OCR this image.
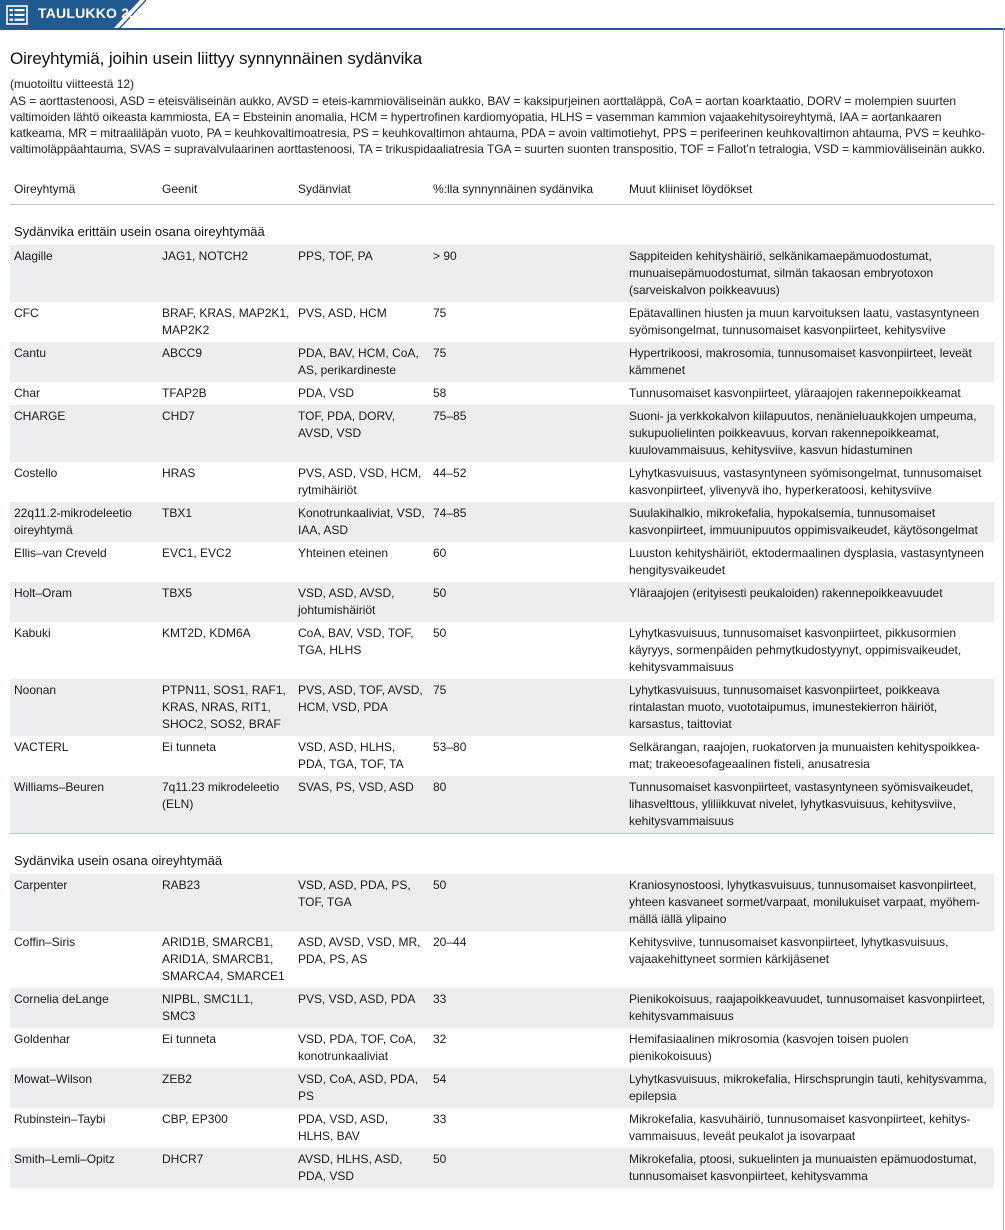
TAULUKKO 2.
Oireyhtymiä, joihin usein liittyy synnynnäinen sydänvika
(muotoiltu viitteestä 12)
AS = aorttastenoosi, ASD = eteisväliseinän aukko, AVSD = eteis-kammioväliseinän aukko, BAV = kaksipurjeinen aorttaläppä, CoA = aortan koarktaatio, DORV = molempien suurten valtimoiden lähtö oikeasta kammiosta, EA = Ebsteinin anomalia, HCM = hypertrofinen kardiomyopatia, HLHS = vasemman kammion vajaakehitysoireyhtymä, IAA = aortankaaren katkeama, MR = mitraaliläpän vuoto, PA = keuhkovaltimoatresia, PS = keuhkovaltimon ahtauma, PDA = avoin valtimotiehyt, PPS = perifeerinen keuhkovaltimon ahtauma, PVS = keuhkovaltimoläppäahtauma, SVAS = supravalvulaarinen aorttastenoosi, TA = trikuspidaaliatresia TGA = suurten suonten transpositio, TOF = Fallot’n tetralogia, VSD = kammioväliseinän aukko.
Oireyhtymä	Geenit	Sydänviat	%:lla synnynnäinen sydänvika	Muut kliiniset löydökset
Sydänvika erittäin usein osana oireyhtymää				
Alagille	JAG1, NOTCH2	PPS, TOF, PA	> 90	Sappiteiden kehityshäiriö, selkänikamaepämuodostumat, munuaisepämuodostumat, silmän takaosan embryotoxon (sarveiskalvon poikkeavuus)
CFC	BRAF, KRAS, MAP2K1, MAP2K2	PVS, ASD, HCM	75	Epätavallinen hiusten ja muun karvoituksen laatu, vastasyntyneen syömisongelmat, tunnusomaiset kasvonpiirteet, kehitysviive
Cantu	ABCC9	PDA, BAV, HCM, CoA, AS, perikardineste	75	Hypertrikoosi, makrosomia, tunnusomaiset kasvonpiirteet, leveät kämmenet
Char	TFAP2B	PDA, VSD	58	Tunnusomaiset kasvonpiirteet, yläraajojen rakennepoikkeamat
CHARGE	CHD7	TOF, PDA, DORV, AVSD, VSD	75–85	Suoni- ja verkkokalvon kiilapuutos, nenänieluaukkojen umpeuma, sukupuolielinten poikkeavuus, korvan rakennepoikkeamat, kuulovammaisuus, kehitysviive, kasvun hidastuminen
Costello	HRAS	PVS, ASD, VSD, HCM, rytmihäiriöt	44–52	Lyhytkasvuisuus, vastasyntyneen syömisongelmat, tunnusomaiset kasvonpiirteet, ylivenyvä iho, hyperkeratoosi, kehitysviive
22q11.2-mikrodeleetio oireyhtymä	TBX1	Konotrunkaaliviat, VSD, IAA, ASD	74–85	Suulakihalkio, mikrokefalia, hypokalsemia, tunnusomaiset kasvonpiirteet, immuunipuutos oppimisvaikeudet, käytösongelmat
Ellis–van Creveld	EVC1, EVC2	Yhteinen eteinen	60	Luuston kehityshäiriöt, ektodermaalinen dysplasia, vastasyntyneen hengitysvaikeudet
Holt–Oram	TBX5	VSD, ASD, AVSD, johtumishäiriöt	50	Yläraajojen (erityisesti peukaloiden) rakennepoikkeavuudet
Kabuki	KMT2D, KDM6A	CoA, BAV, VSD, TOF, TGA, HLHS	50	Lyhytkasvuisuus, tunnusomaiset kasvonpiirteet, pikkusormien käyryys, sormenpäiden pehmytkudostyynyt, oppimisvaikeudet, kehitysvammaisuus
Noonan	PTPN11, SOS1, RAF1, KRAS, NRAS, RIT1, SHOC2, SOS2, BRAF	PVS, ASD, TOF, AVSD, HCM, VSD, PDA	75	Lyhytkasvuisuus, tunnusomaiset kasvonpiirteet, poikkeava rintalastan muoto, vuototaipumus, imunestekierron häiriöt, karsastus, taittoviat
VACTERL	Ei tunneta	VSD, ASD, HLHS, PDA, TGA, TOF, TA	53–80	Selkärangan, raajojen, ruokatorven ja munuaisten kehityspoikkeamat; trakeoesofageaalinen fisteli, anusatresia
Williams–Beuren	7q11.23 mikrodeleetio (ELN)	SVAS, PS, VSD, ASD	80	Tunnusomaiset kasvonpiirteet, vastasyntyneen syömisvaikeudet, lihasvelttous, yliliikkuvat nivelet, lyhytkasvuisuus, kehitysviive, kehitysvammaisuus
Sydänvika usein osana oireyhtymää				
Carpenter	RAB23	VSD, ASD, PDA, PS, TOF, TGA	50	Kraniosynostoosi, lyhytkasvuisuus, tunnusomaiset kasvonpiirteet, yhteen kasvaneet sormet/varpaat, monilukuiset varpaat, myöhemmällä iällä ylipaino
Coffin–Siris	ARID1B, SMARCB1, ARID1A, SMARCB1, SMARCA4, SMARCE1	ASD, AVSD, VSD, MR, PDA, PS, AS	20–44	Kehitysviive, tunnusomaiset kasvonpiirteet, lyhytkasvuisuus, vajaakehittyneet sormien kärkijäsenet
Cornelia deLange	NIPBL, SMC1L1, SMC3	PVS, VSD, ASD, PDA	33	Pienikokoisuus, raajapoikkeavuudet, tunnusomaiset kasvonpiirteet, kehitysvammaisuus
Goldenhar	Ei tunneta	VSD, PDA, TOF, CoA, konotrunkaaliviat	32	Hemifasiaalinen mikrosomia (kasvojen toisen puolen pienikokoisuus)
Mowat–Wilson	ZEB2	VSD, CoA, ASD, PDA, PS	54	Lyhytkasvuisuus, mikrokefalia, Hirschsprungin tauti, kehitysvamma, epilepsia
Rubinstein–Taybi	CBP, EP300	PDA, VSD, ASD, HLHS, BAV	33	Mikrokefalia, kasvuhäiriö, tunnusomaiset kasvonpiirteet, kehitysvammaisuus, leveät peukalot ja isovarpaat
Smith–Lemli–Opitz	DHCR7	AVSD, HLHS, ASD, PDA, VSD	50	Mikrokefalia, ptoosi, sukuelinten ja munuaisten epämuodostumat, tunnusomaiset kasvonpiirteet, kehitysvamma
